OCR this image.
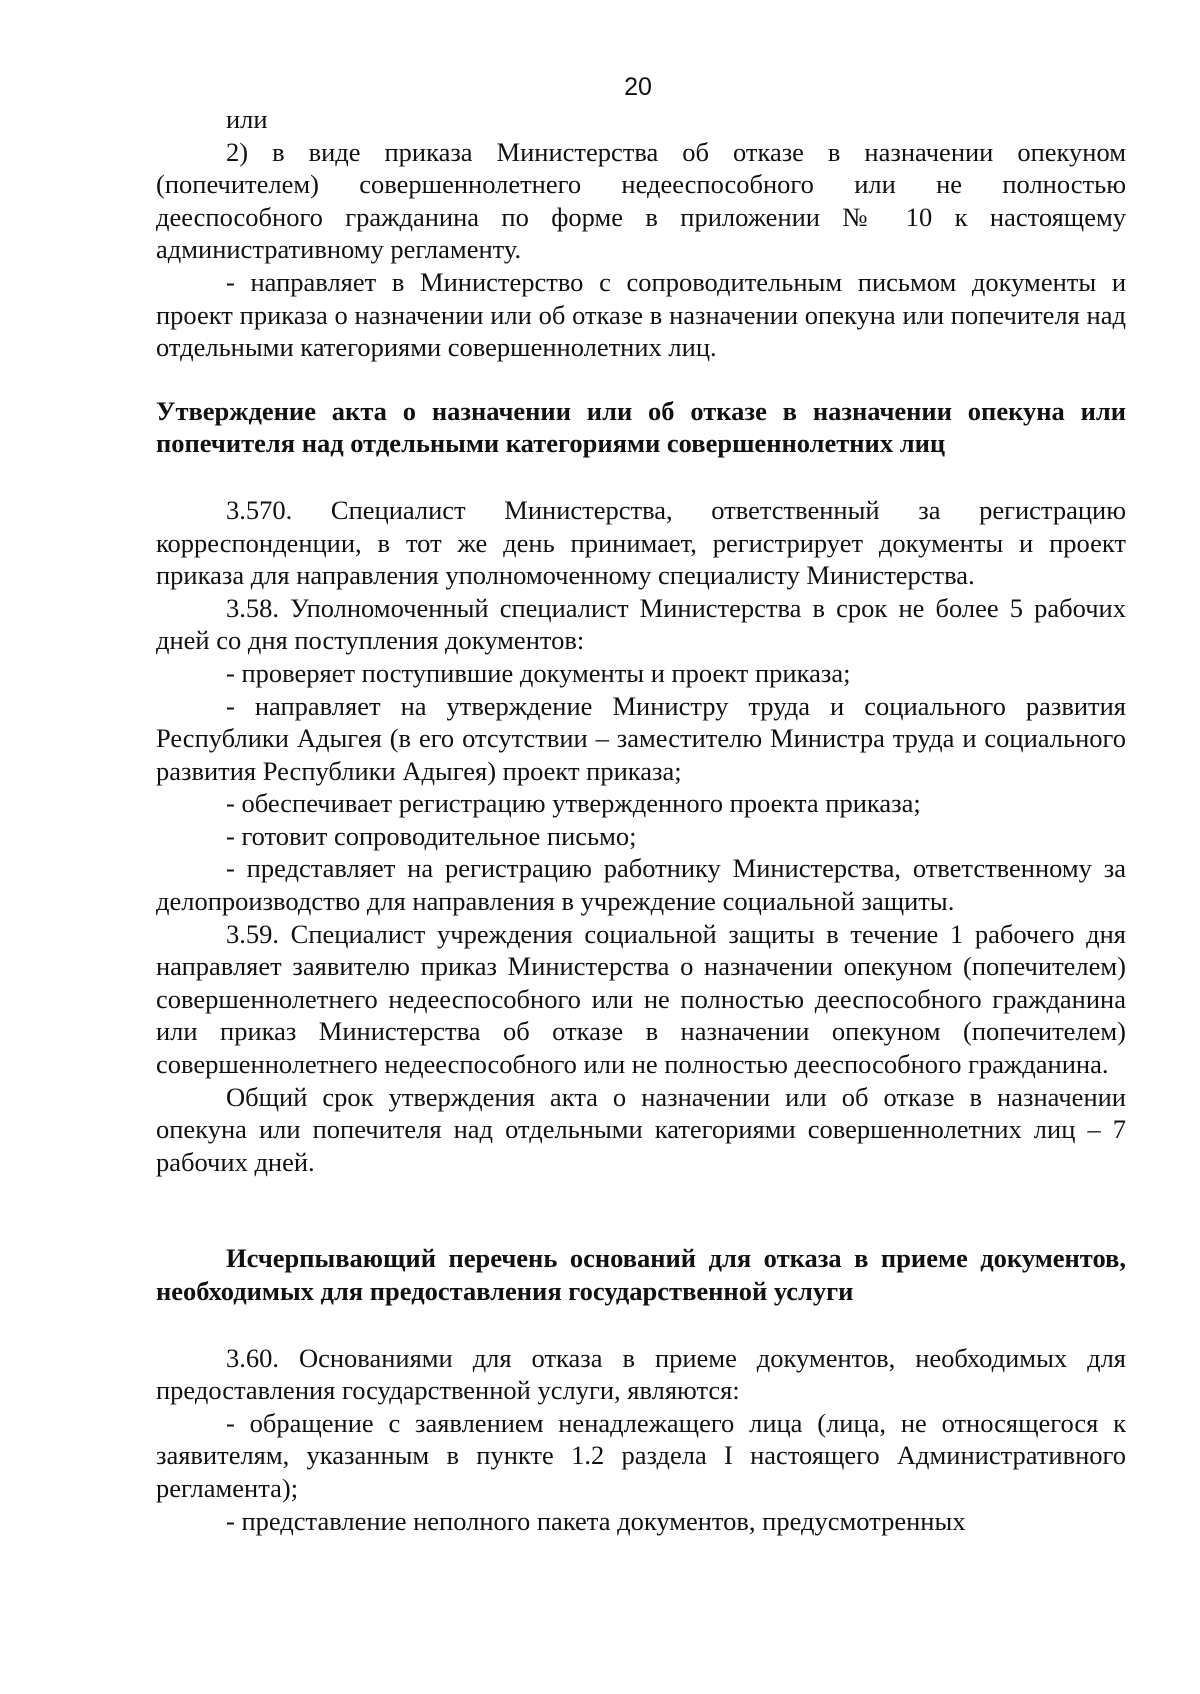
20

или

2) в виде приказа Министерства об отказе в назначении опекуном (попечителем) совершеннолетнего недееспособного или не полностью дееспособного гражданина по форме в приложении № 10 к настоящему административному регламенту.

- направляет в Министерство с сопроводительным письмом документы и проект приказа о назначении или об отказе в назначении опекуна или попечителя над отдельными категориями совершеннолетних лиц.

Утверждение акта о назначении или об отказе в назначении опекуна или попечителя над отдельными категориями совершеннолетних лиц

3.570. Специалист Министерства, ответственный за регистрацию корреспонденции, в тот же день принимает, регистрирует документы и проект приказа для направления уполномоченному специалисту Министерства.

3.58. Уполномоченный специалист Министерства в срок не более 5 рабочих дней со дня поступления документов:

- проверяет поступившие документы и проект приказа;

- направляет на утверждение Министру труда и социального развития Республики Адыгея (в его отсутствии – заместителю Министра труда и социального развития Республики Адыгея) проект приказа;

- обеспечивает регистрацию утвержденного проекта приказа;

- готовит сопроводительное письмо;

- представляет на регистрацию работнику Министерства, ответственному за делопроизводство для направления в учреждение социальной защиты.

3.59. Специалист учреждения социальной защиты в течение 1 рабочего дня направляет заявителю приказ Министерства о назначении опекуном (попечителем) совершеннолетнего недееспособного или не полностью дееспособного гражданина или приказ Министерства об отказе в назначении опекуном (попечителем) совершеннолетнего недееспособного или не полностью дееспособного гражданина.

Общий срок утверждения акта о назначении или об отказе в назначении опекуна или попечителя над отдельными категориями совершеннолетних лиц – 7 рабочих дней.

Исчерпывающий перечень оснований для отказа в приеме документов, необходимых для предоставления государственной услуги

3.60. Основаниями для отказа в приеме документов, необходимых для предоставления государственной услуги, являются:

- обращение с заявлением ненадлежащего лица (лица, не относящегося к заявителям, указанным в пункте 1.2 раздела I настоящего Административного регламента);

- представление неполного пакета документов, предусмотренных
